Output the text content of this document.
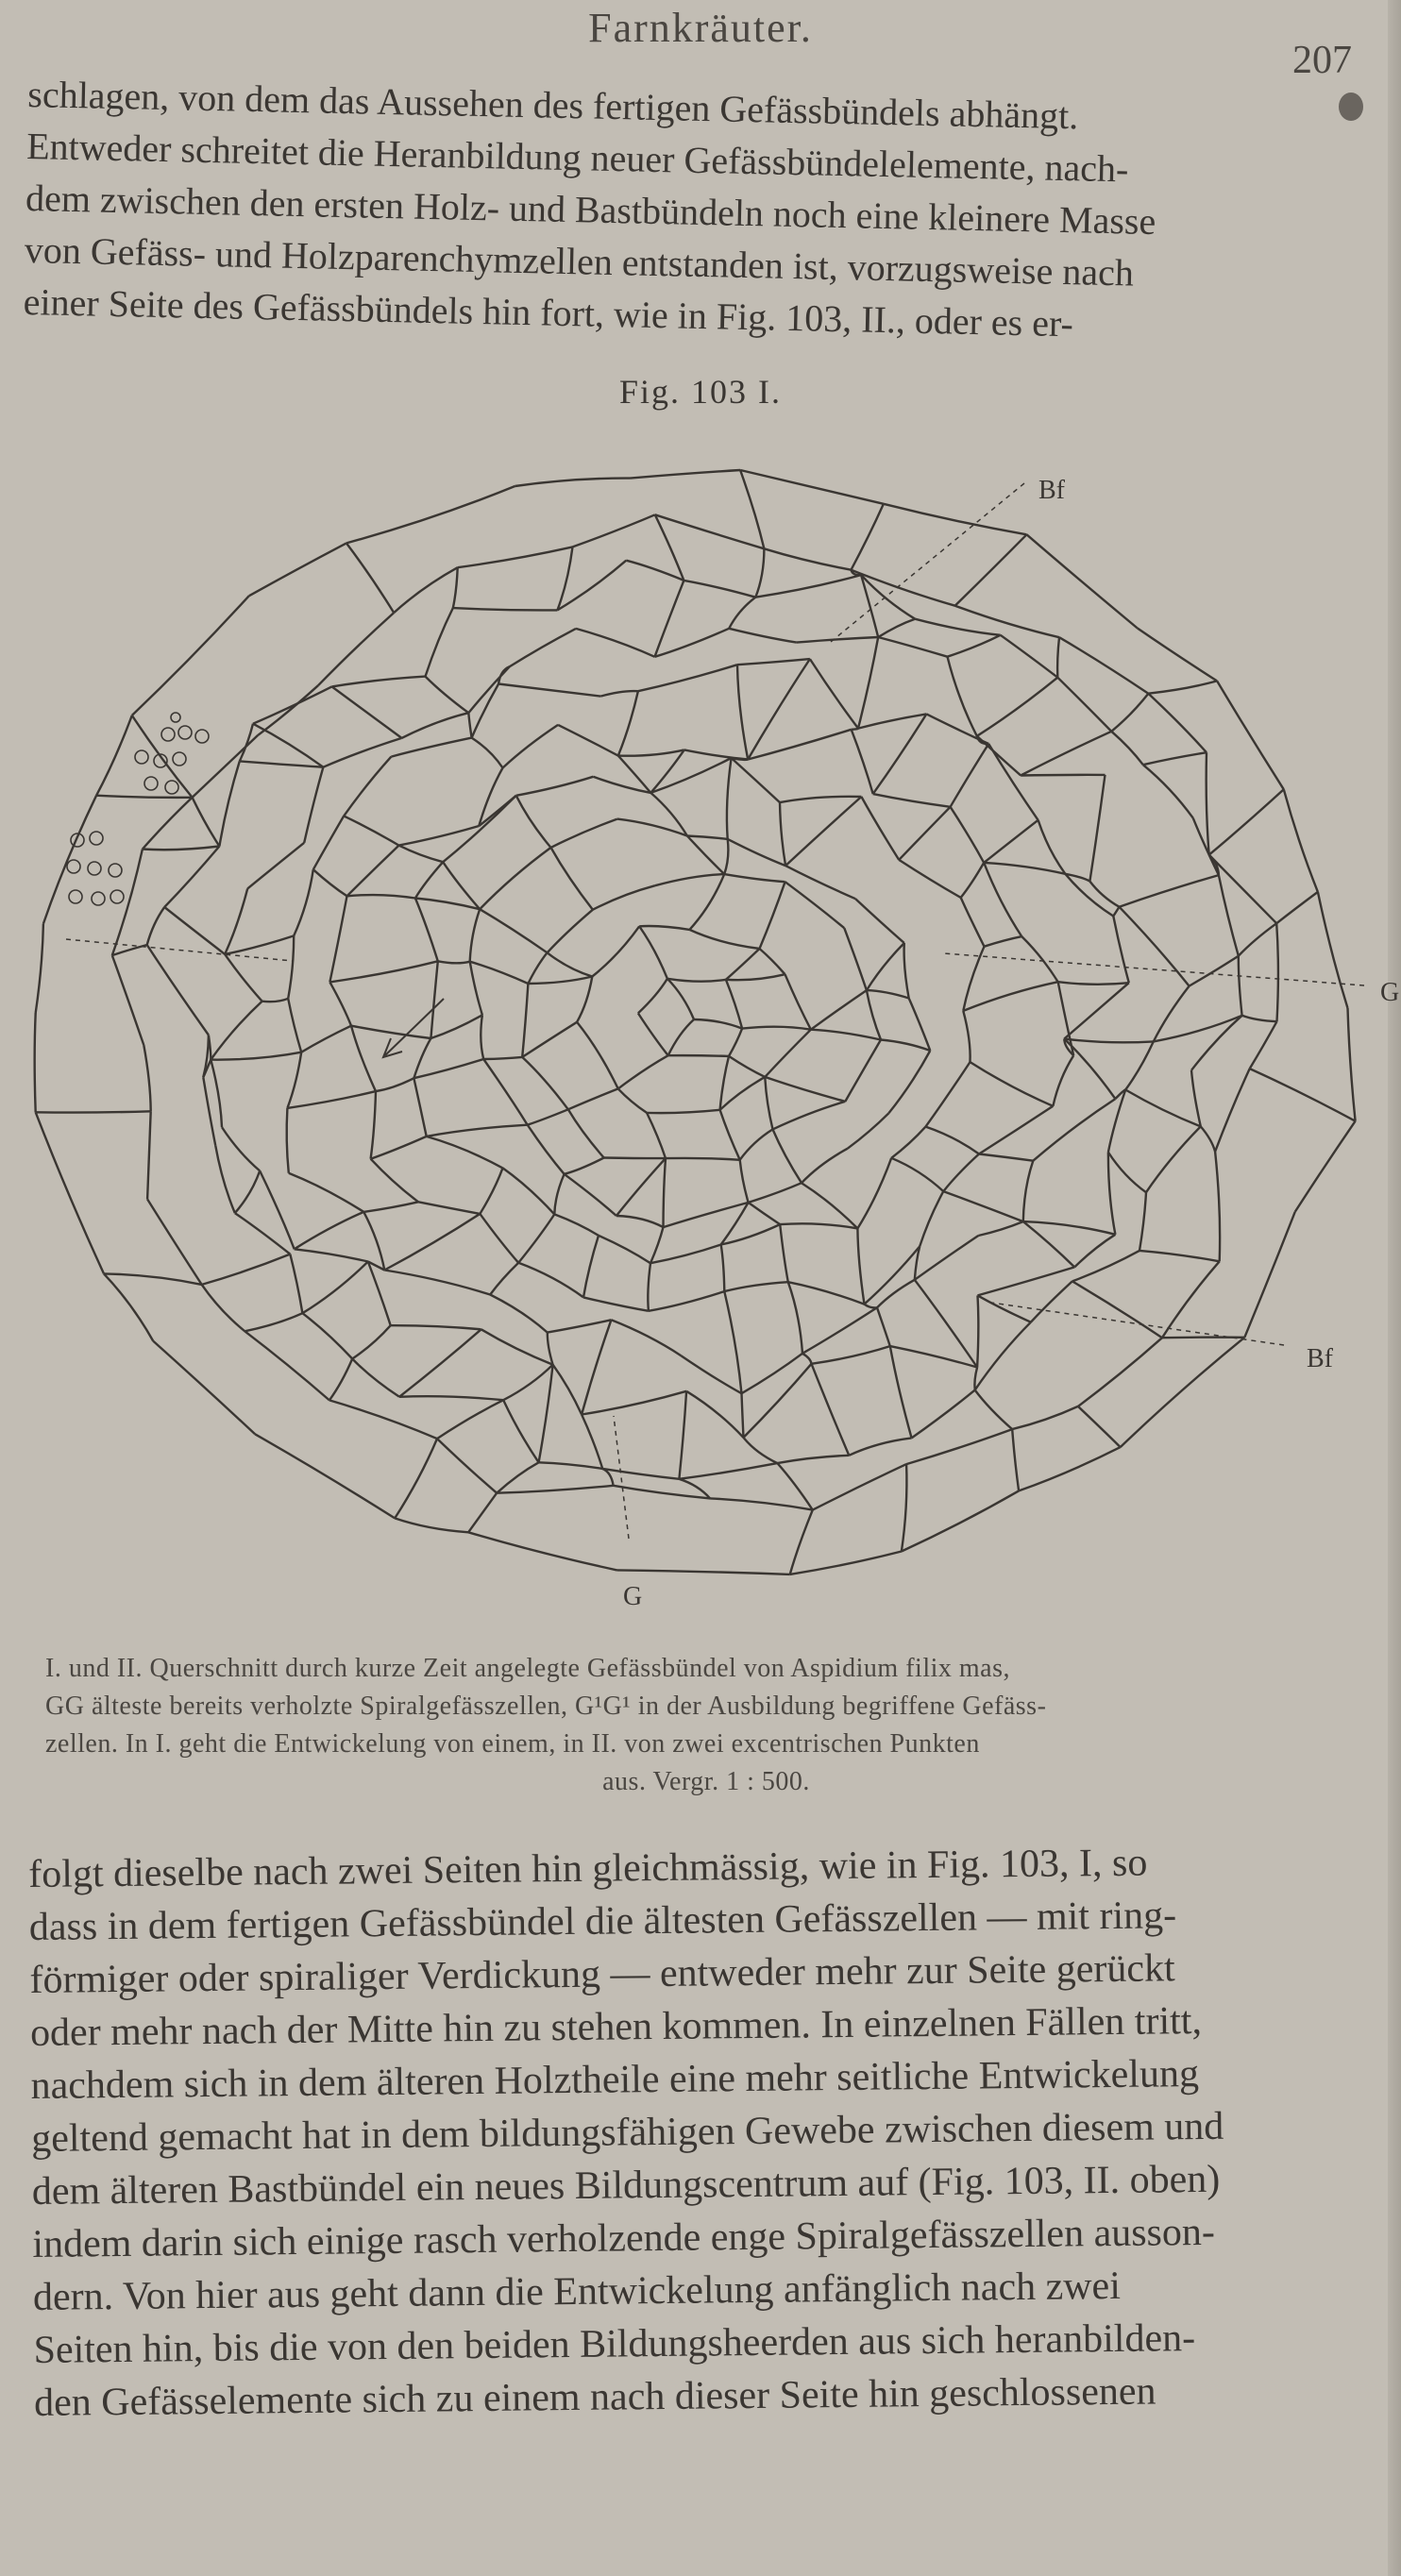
Farnkräuter.
207
schlagen, von dem das Aussehen des fertigen Gefässbündels abhängt.
Entweder schreitet die Heranbildung neuer Gefässbündelelemente, nach-
dem zwischen den ersten Holz- und Bastbündeln noch eine kleinere Masse
von Gefäss- und Holzparenchymzellen entstanden ist, vorzugsweise nach
einer Seite des Gefässbündels hin fort, wie in Fig. 103, II., oder es er-
Fig. 103 I.
Bf
G
Bf
G
I. und II. Querschnitt durch kurze Zeit angelegte Gefässbündel von Aspidium filix mas,
GG älteste bereits verholzte Spiralgefässzellen, G¹G¹ in der Ausbildung begriffene Gefäss-
zellen. In I. geht die Entwickelung von einem, in II. von zwei excentrischen Punkten
aus. Vergr. 1 : 500.
folgt dieselbe nach zwei Seiten hin gleichmässig, wie in Fig. 103, I, so
dass in dem fertigen Gefässbündel die ältesten Gefässzellen — mit ring-
förmiger oder spiraliger Verdickung — entweder mehr zur Seite gerückt
oder mehr nach der Mitte hin zu stehen kommen. In einzelnen Fällen tritt,
nachdem sich in dem älteren Holztheile eine mehr seitliche Entwickelung
geltend gemacht hat in dem bildungsfähigen Gewebe zwischen diesem und
dem älteren Bastbündel ein neues Bildungscentrum auf (Fig. 103, II. oben)
indem darin sich einige rasch verholzende enge Spiralgefässzellen ausson-
dern. Von hier aus geht dann die Entwickelung anfänglich nach zwei
Seiten hin, bis die von den beiden Bildungsheerden aus sich heranbilden-
den Gefässelemente sich zu einem nach dieser Seite hin geschlossenen
